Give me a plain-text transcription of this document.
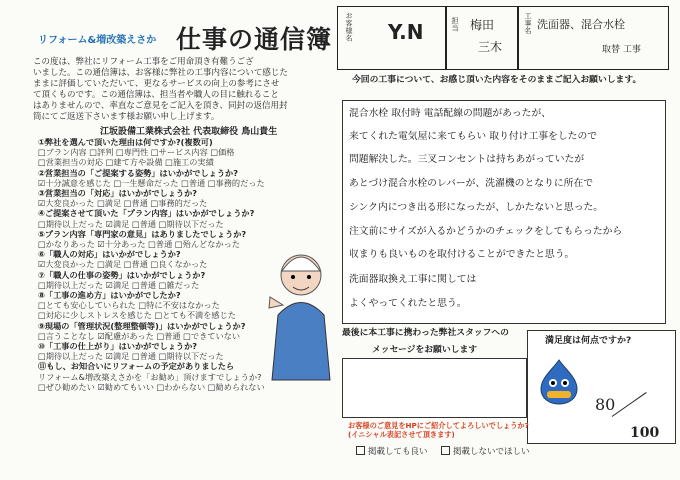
リフォーム&増改築えさか 仕事の通信簿
この度は、弊社にリフォーム工事をご用命頂き有難うござ
いました。この通信簿は、お客様に弊社の工事内容について感じた
ままに評価していただいて、更なるサービスの向上の参考にさせ
て頂くものです。この通信簿は、担当者や職人の目に触れること
はありませんので、率直なご意見をご記入を頂き、同封の返信用封
筒にてご返送下さいます様お願い申し上げます。
江坂設備工業株式会社 代表取締役 鳥山貴生
①弊社を選んで頂いた理由は何ですか?(複数可)
□プラン内容 □評判 □専門性 □サービス内容 □価格
□営業担当の対応 □建て方や設備 □施工の実績
②営業担当の「ご提案する姿勢」はいかがでしょうか?
☑十分誠意を感じた □一生懸命だった □普通 □事務的だった
③営業担当の「対応」はいかがでしょうか?
☑大変良かった □満足 □普通 □事務的だった
④ご提案させて頂いた「プラン内容」はいかがでしょうか?
□期待以上だった ☑満足 □普通 □期待以下だった
⑤プラン内容「専門家の意見」はありましたでしょうか?
□かなりあった ☑十分あった □普通 □殆んどなかった
⑥「職人の対応」はいかがでしょうか?
☑大変良かった □満足 □普通 □良くなかった
⑦「職人の仕事の姿勢」はいかがでしょうか?
□期待以上だった ☑満足 □普通 □雑だった
⑧「工事の進め方」はいかがでしたか?
□とても安心していられた □特に不安はなかった
□対応に少しストレスを感じた □とても不満を感じた
⑨現場の「管理状況(整理整頓等)」はいかがでしょうか?
□言うことなし ☑配慮があった □普通 □できていない
⑩「工事の仕上がり」はいかがでしょうか?
□期待以上だった ☑満足 □普通 □期待以下だった
⑪もし、お知合いにリフォームの予定がありましたら
リフォーム&増改築えさかを「お勧め」頂けますでしょうか?
□ぜひ勧めたい ☑勧めてもいい □わからない □勧められない
お客様名 Y.N	担当 梅田
三木
工事名 洗面器、混合水栓
取替 工事
今回の工事について、お感じ頂いた内容をそのままご記入お願いします。
混合水栓 取付時 電話配線の問題があったが、
来てくれた電気屋に来てもらい 取り付け工事をしたので
問題解決した。三叉コンセントは持ちあがっていたが
あとづけ混合水栓のレバーが、洗濯機のとなりに所在で
シンク内につき出る形になったが、しかたないと思った。
注文前にサイズが入るかどうかのチェックをしてもらったから
収まりも良いものを取付けることができたと思う。
洗面器取換え工事に関しては
よくやってくれたと思う。
最後に本工事に携わった弊社スタッフへの
メッセージをお願いします
満足度は何点ですか?
80
100
お客様のご意見をHPにご紹介してよろしいでしょうか?(イニシャル表記させて頂きます)
掲載しても良い	掲載しないでほしい
